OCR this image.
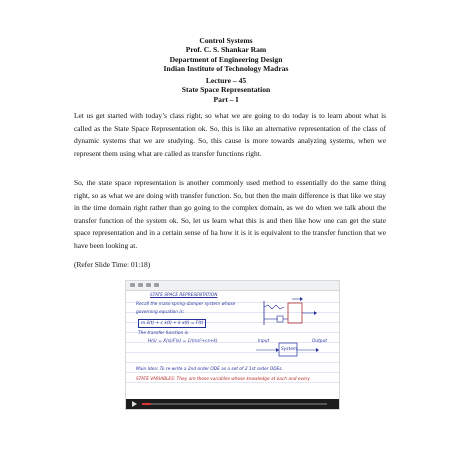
Control Systems
Prof. C. S. Shankar Ram
Department of Engineering Design
Indian Institute of Technology Madras
Lecture – 45
State Space Representation
Part – I

Let us get started with today’s class right, so what we are going to do today is to learn about what is called as the State Space Representation ok. So, this is like an alternative representation of the class of dynamic systems that we are studying. So, this cause is more towards analyzing systems, when we represent them using what are called as transfer functions right.

So, the state space representation is another commonly used method to essentially do the same thing right, so as what we are doing with transfer function. So, but then the main difference is that like we stay in the time domain right rather than go going to the complex domain, as we do when we talk about the transfer function of the system ok. So, let us learn what this is and then like how one can get the state space representation and in a certain sense of ha how it is it is equivalent to the transfer function that we have been looking at.

(Refer Slide Time: 01:18)
STATE SPACE REPRESENTATION
Recall the mass-spring-damper system whose
governing equation is:
m ẍ(t) + c ẋ(t) + k x(t) = F(t)
The transfer function is
H(s) = X(s)/F(s) = 1/(ms²+cs+k)	Input
System
Output
Main Idea: To re-write a 2nd order ODE as a set of 2 1st order ODEs.
STATE VARIABLES: They are those variables whose knowledge at each and every
